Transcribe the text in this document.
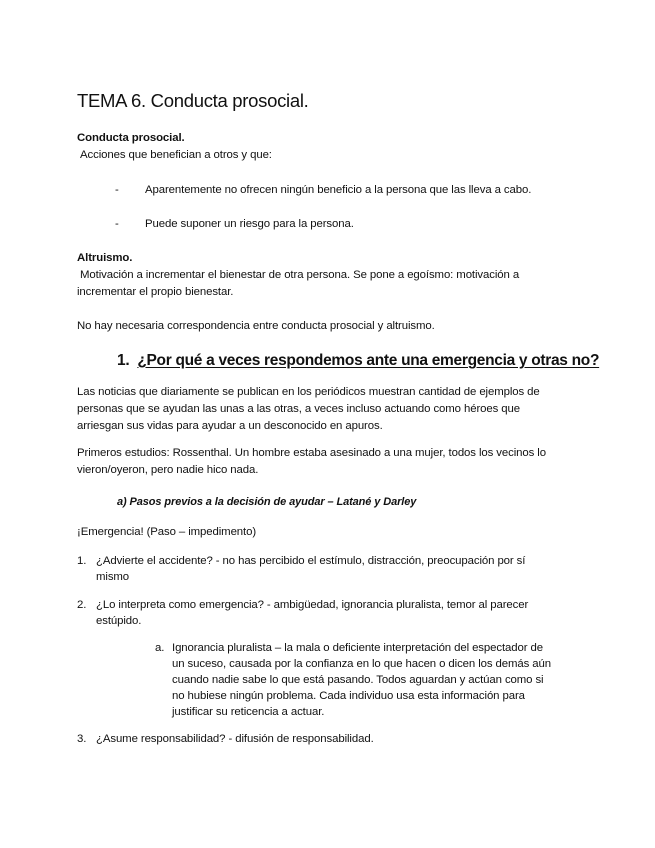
TEMA 6. Conducta prosocial.

Conducta prosocial.

Acciones que benefician a otros y que:

- Aparentemente no ofrecen ningún beneficio a la persona que las lleva a cabo.
- Puede suponer un riesgo para la persona.

Altruismo.

Motivación a incrementar el bienestar de otra persona. Se pone a egoísmo: motivación a

incrementar el propio bienestar.

No hay necesaria correspondencia entre conducta prosocial y altruismo.

1. ¿Por qué a veces respondemos ante una emergencia y otras no?

Las noticias que diariamente se publican en los periódicos muestran cantidad de ejemplos de

personas que se ayudan las unas a las otras, a veces incluso actuando como héroes que

arriesgan sus vidas para ayudar a un desconocido en apuros.

Primeros estudios: Rossenthal. Un hombre estaba asesinado a una mujer, todos los vecinos lo

vieron/oyeron, pero nadie hico nada.

a) Pasos previos a la decisión de ayudar – Latané y Darley

¡Emergencia! (Paso – impedimento)

1. ¿Advierte el accidente? - no has percibido el estímulo, distracción, preocupación por sí
mismo
2. ¿Lo interpreta como emergencia? - ambigüedad, ignorancia pluralista, temor al parecer
estúpido.
a. Ignorancia pluralista – la mala o deficiente interpretación del espectador de
un suceso, causada por la confianza en lo que hacen o dicen los demás aún
cuando nadie sabe lo que está pasando. Todos aguardan y actúan como si
no hubiese ningún problema. Cada individuo usa esta información para
justificar su reticencia a actuar.
3. ¿Asume responsabilidad? - difusión de responsabilidad.
